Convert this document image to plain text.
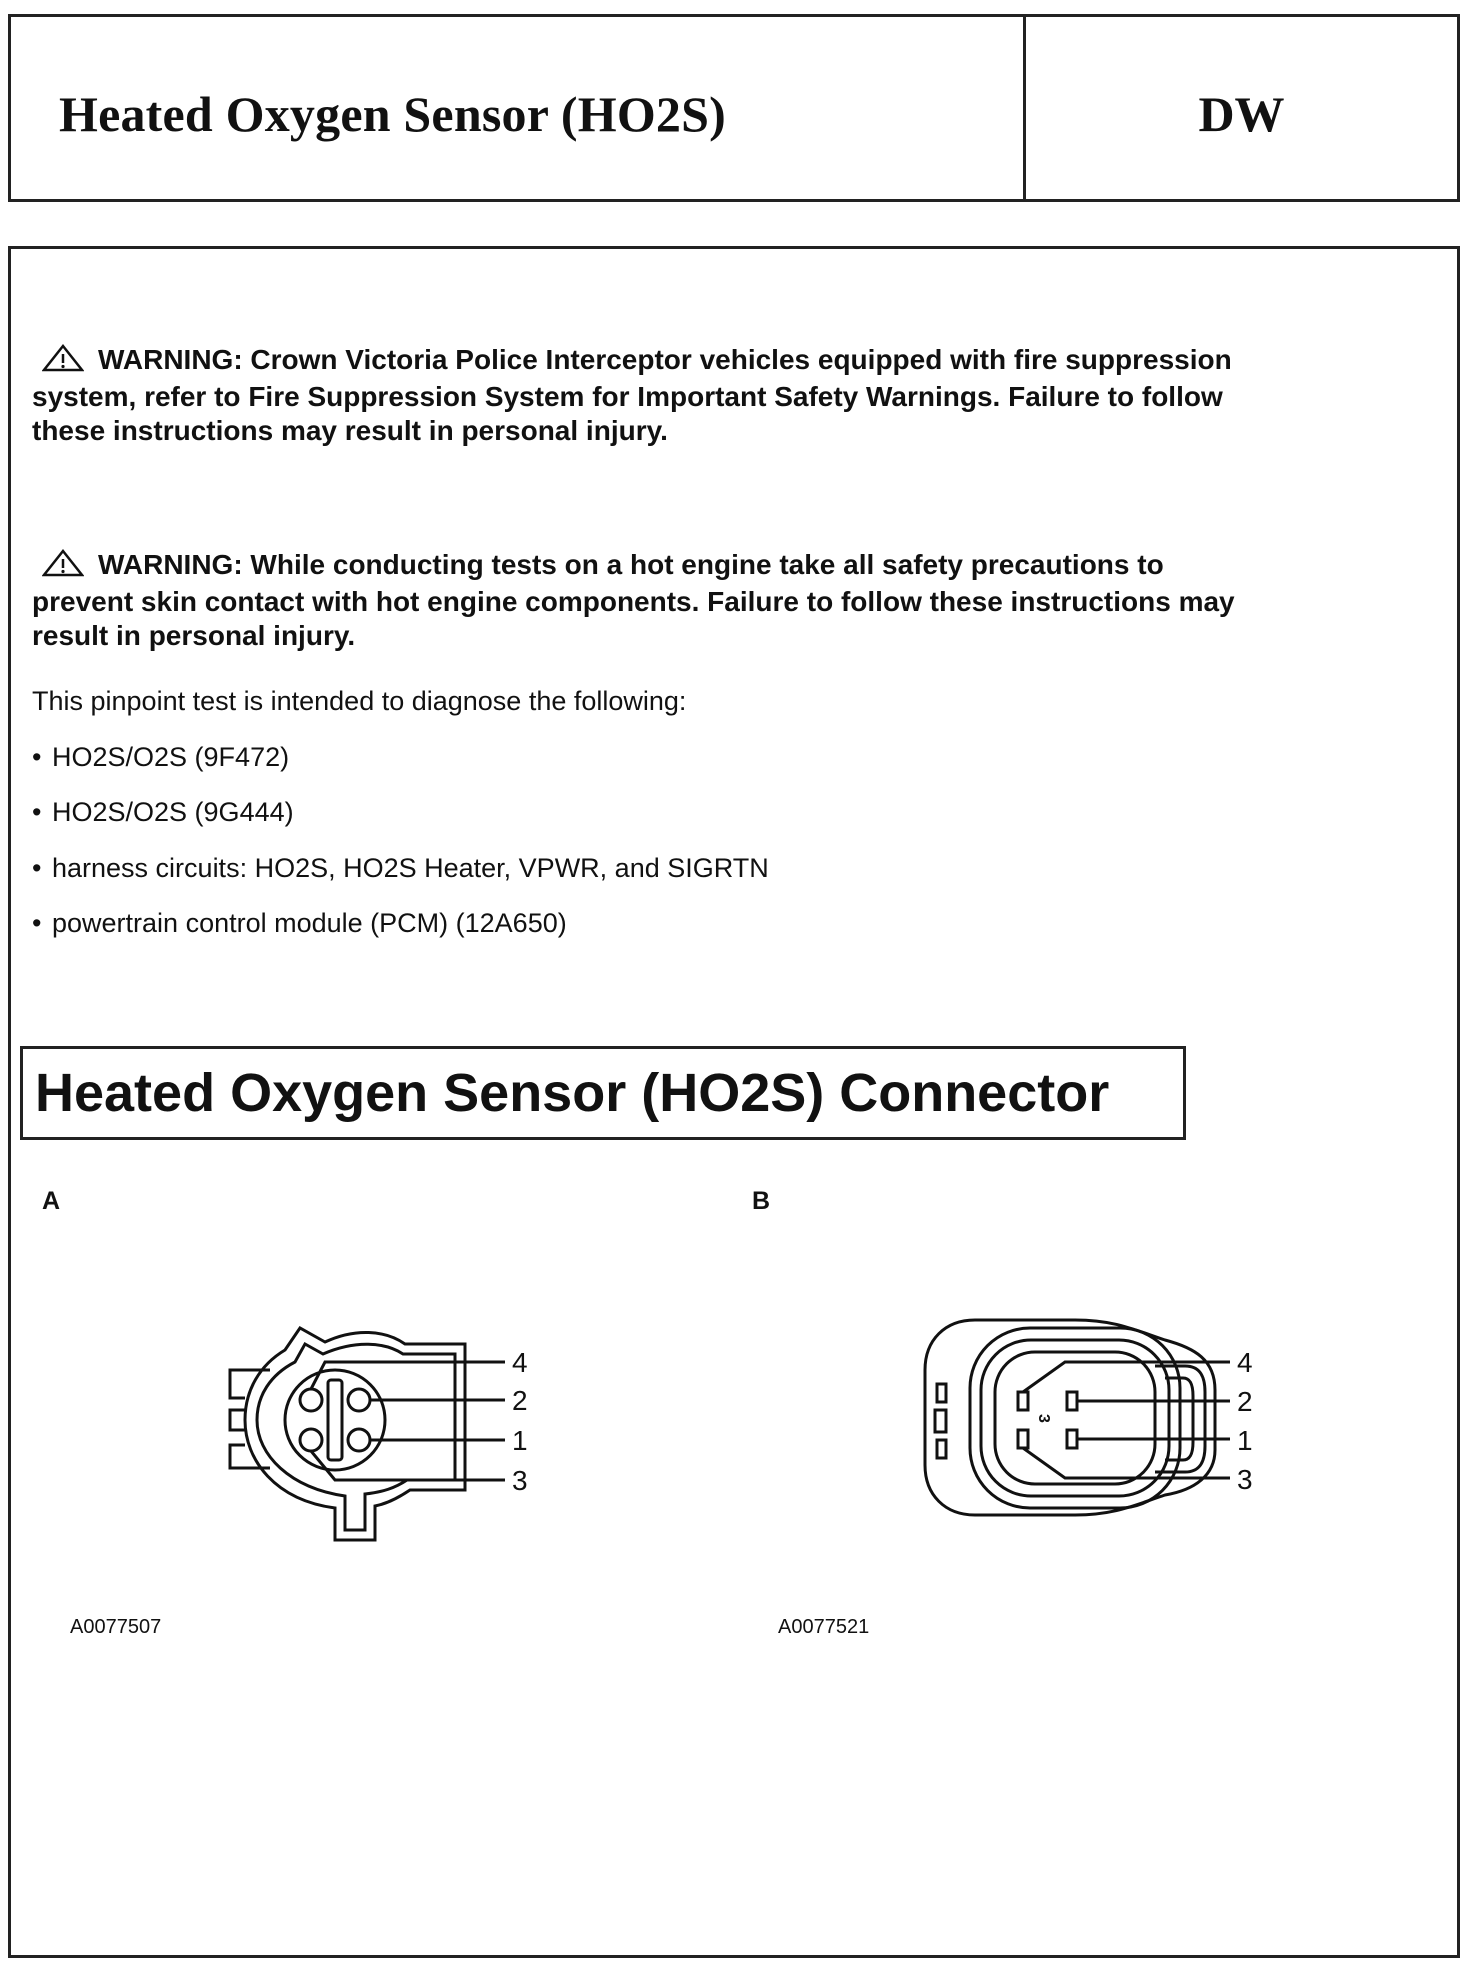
Heated Oxygen Sensor (HO2S)	DW
WARNING: Crown Victoria Police Interceptor vehicles equipped with fire suppression
system, refer to Fire Suppression System for Important Safety Warnings. Failure to follow
these instructions may result in personal injury.
WARNING: While conducting tests on a hot engine take all safety precautions to
prevent skin contact with hot engine components. Failure to follow these instructions may
result in personal injury.
This pinpoint test is intended to diagnose the following:
• HO2S/O2S (9F472)
• HO2S/O2S (9G444)
• harness circuits: HO2S, HO2S Heater, VPWR, and SIGRTN
• powertrain control module (PCM) (12A650)
Heated Oxygen Sensor (HO2S) Connector
A	B
4
2
1
3
3
4
2
1
3
A0077507	A0077521
